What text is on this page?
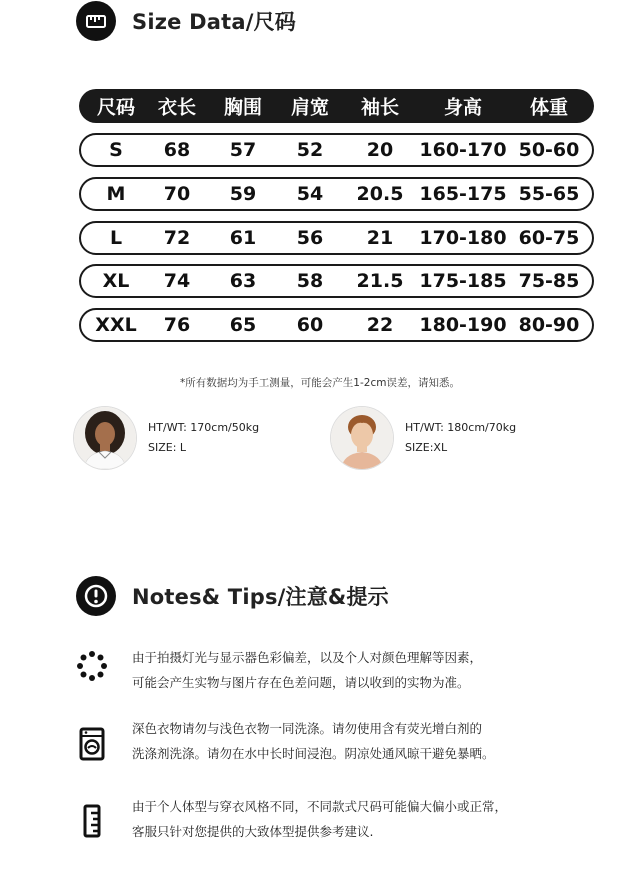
Size Data/尺码
尺码 衣长 胸围 肩宽 袖长 身高	体重
S 68 57 52 20 160-170 50-60
M 70 59 54 20.5 165-175 55-65
L 72 61 56 21 170-180 60-75
XL 74 63 58 21.5 175-185 75-85
XXL 76 65 60 22 180-190 80-90
*所有数据均为手工测量，可能会产生1-2cm误差，请知悉。
HT/WT: 170cm/50kg
SIZE: L
HT/WT: 180cm/70kg
SIZE:XL
Notes& Tips/注意&提示
由于拍摄灯光与显示器色彩偏差，以及个人对颜色理解等因素，
可能会产生实物与图片存在色差问题，请以收到的实物为准。
深色衣物请勿与浅色衣物一同洗涤。请勿使用含有荧光增白剂的
洗涤剂洗涤。请勿在水中长时间浸泡。阴凉处通风晾干避免暴晒。
由于个人体型与穿衣风格不同，不同款式尺码可能偏大偏小或正常，
客服只针对您提供的大致体型提供参考建议.
